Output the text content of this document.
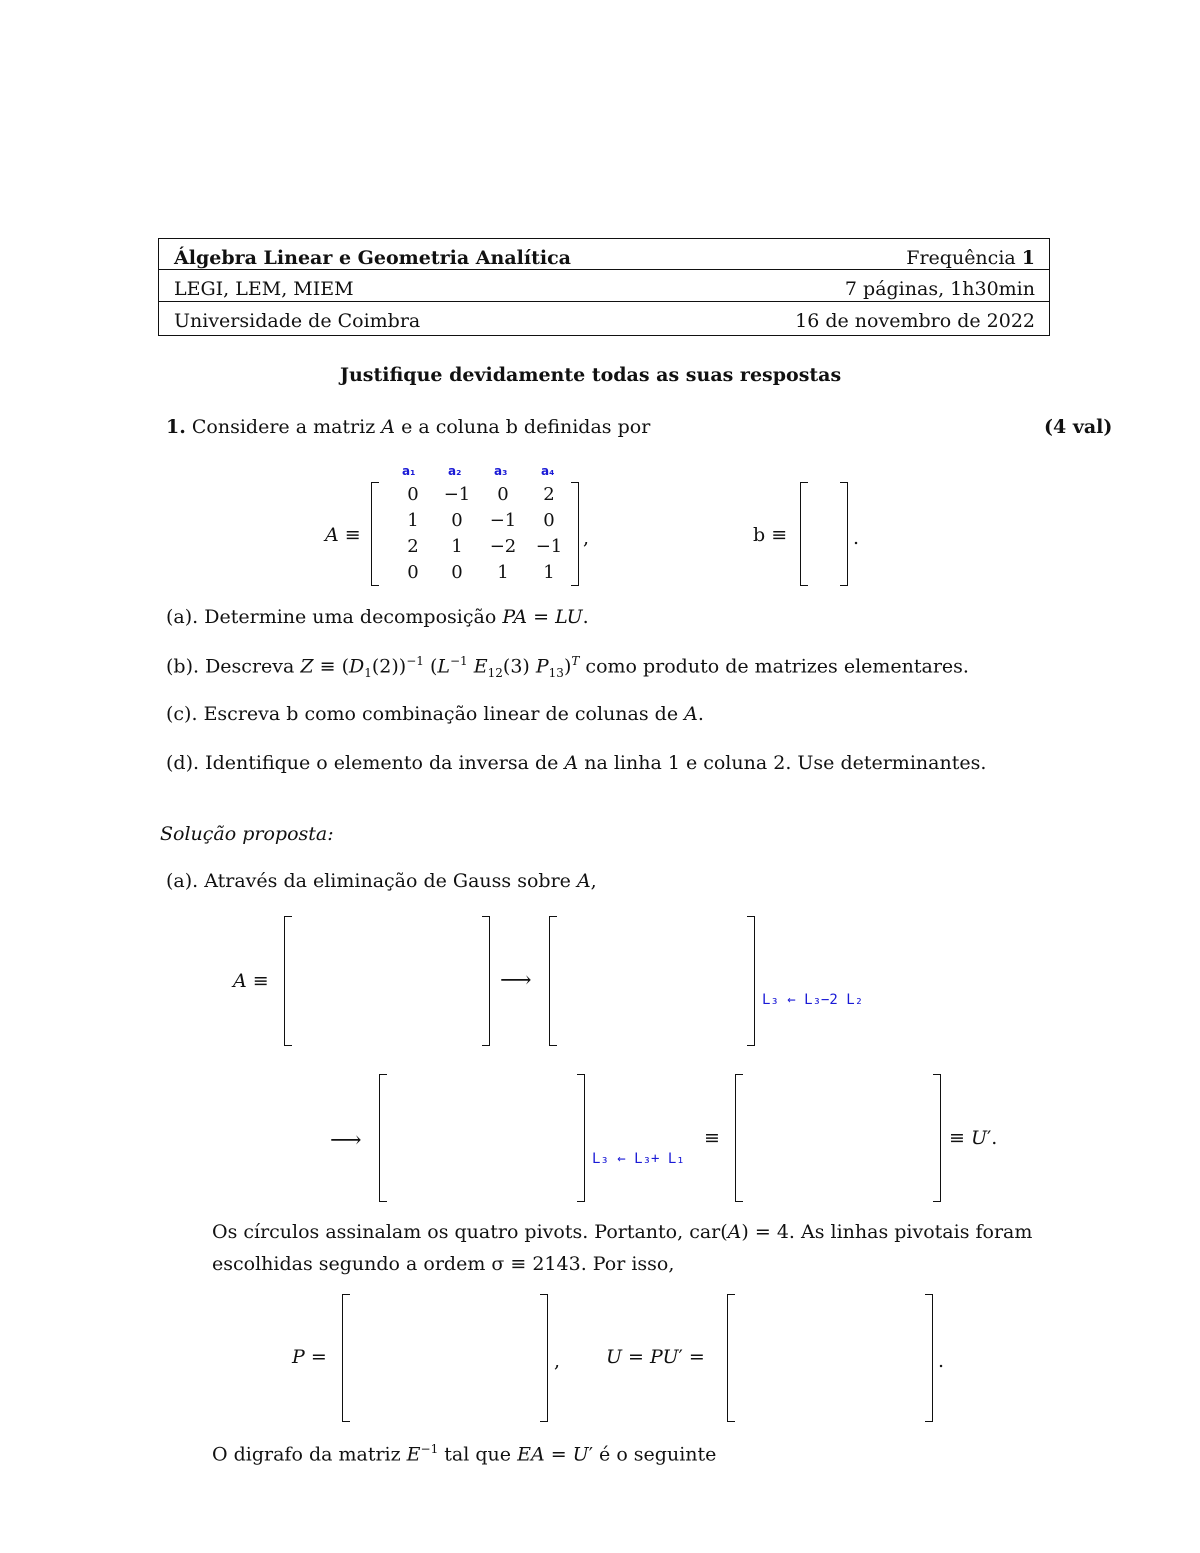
Álgebra Linear e Geometria Analítica	Frequência 1
LEGI, LEM, MIEM	7 páginas, 1h30min
Universidade de Coimbra	16 de novembro de 2022
Justifique devidamente todas as suas respostas
1. Considere a matriz A e a coluna b definidas por	(4 val)
a₁	a₂	a₃	a₄
A ≡
0	−1	0	2
1	0	−1	0
2	1	−2	−1
0	0	1	1
,	b ≡	.
(a). Determine uma decomposição PA = LU.
(b). Descreva $Z \equiv (D_1(2))^{-1}$ ($L^{-1}$ $E_{12}(3)$ $P_{13})^T$ como produto de matrizes elementares.
(c). Escreva b como combinação linear de colunas de A.
(d). Identifique o elemento da inversa de A na linha 1 e coluna 2. Use determinantes.
Solução proposta:
(a). Através da eliminação de Gauss sobre A,
A ≡	⟶
L₃ ← L₃−2 L₂
⟶
L₃ ← L₃+ L₁
≡	≡ U′.
Os círculos assinalam os quatro pivots. Portanto, car(A) = 4. As linhas pivotais foram
escolhidas segundo a ordem σ ≡ 2143. Por isso,
P =	, U = PU′ =	.
O digrafo da matriz $E^{-1}$ tal que EA = U′ é o seguinte
